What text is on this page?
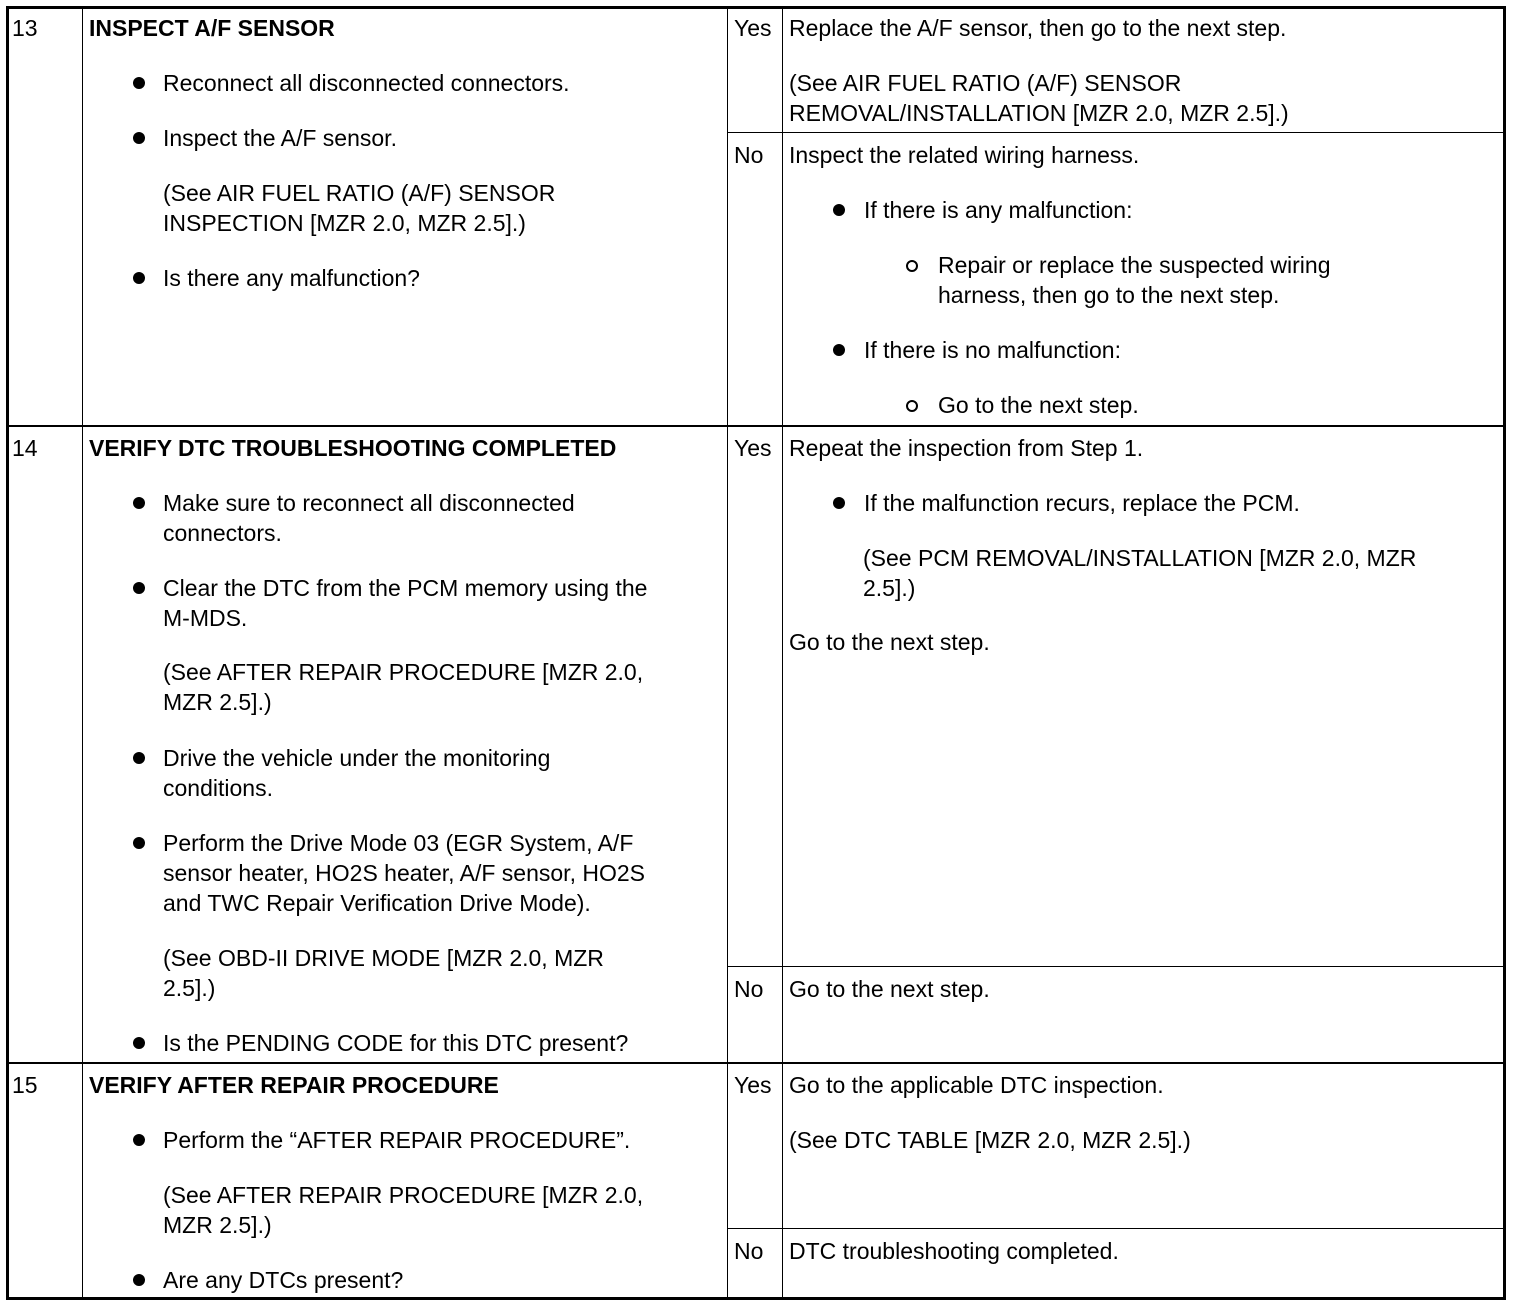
13 INSPECT A/F SENSOR
Reconnect all disconnected connectors.
Inspect the A/F sensor.
(See AIR FUEL RATIO (A/F) SENSOR
INSPECTION [MZR 2.0, MZR 2.5].)
Is there any malfunction?
Yes Replace the A/F sensor, then go to the next step.
(See AIR FUEL RATIO (A/F) SENSOR
REMOVAL/INSTALLATION [MZR 2.0, MZR 2.5].)
No Inspect the related wiring harness.
If there is any malfunction:
Repair or replace the suspected wiring
harness, then go to the next step.
If there is no malfunction:
Go to the next step.
14 VERIFY DTC TROUBLESHOOTING COMPLETED
Make sure to reconnect all disconnected
connectors.
Clear the DTC from the PCM memory using the
M-MDS.
(See AFTER REPAIR PROCEDURE [MZR 2.0,
MZR 2.5].)
Drive the vehicle under the monitoring
conditions.
Perform the Drive Mode 03 (EGR System, A/F
sensor heater, HO2S heater, A/F sensor, HO2S
and TWC Repair Verification Drive Mode).
(See OBD-II DRIVE MODE [MZR 2.0, MZR
2.5].)
Is the PENDING CODE for this DTC present?
Yes Repeat the inspection from Step 1.
If the malfunction recurs, replace the PCM.
(See PCM REMOVAL/INSTALLATION [MZR 2.0, MZR
2.5].)
Go to the next step.
No Go to the next step.
15 VERIFY AFTER REPAIR PROCEDURE
Perform the “AFTER REPAIR PROCEDURE”.
(See AFTER REPAIR PROCEDURE [MZR 2.0,
MZR 2.5].)
Are any DTCs present?
Yes Go to the applicable DTC inspection.
(See DTC TABLE [MZR 2.0, MZR 2.5].)
No DTC troubleshooting completed.
